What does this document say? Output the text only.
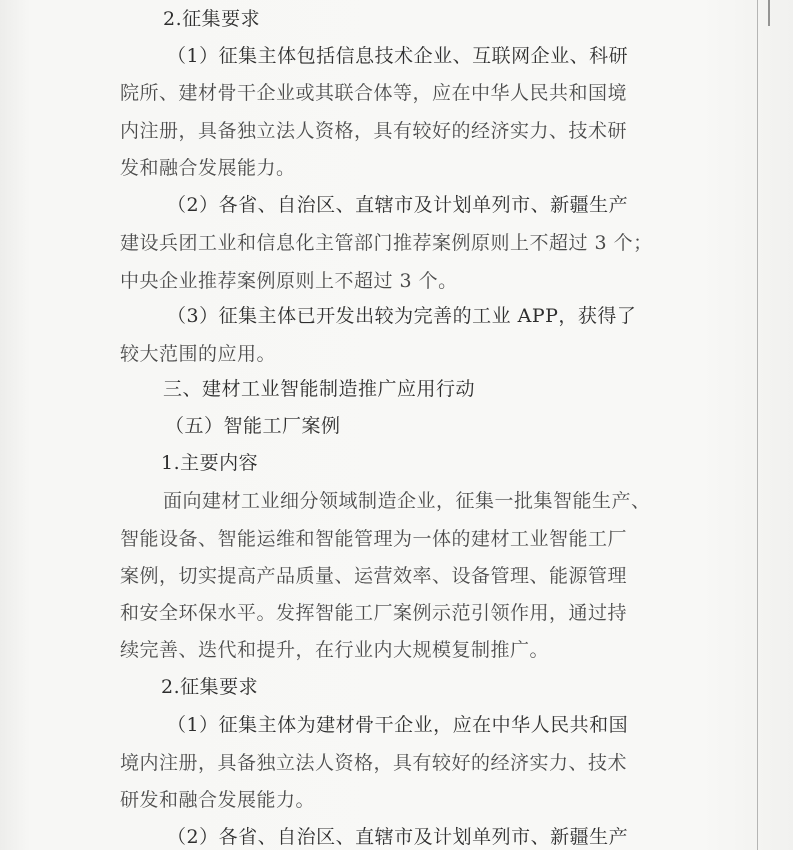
2.征集要求
（1）征集主体包括信息技术企业、互联网企业、科研
院所、建材骨干企业或其联合体等，应在中华人民共和国境
内注册，具备独立法人资格，具有较好的经济实力、技术研
发和融合发展能力。
（2）各省、自治区、直辖市及计划单列市、新疆生产
建设兵团工业和信息化主管部门推荐案例原则上不超过 3 个；
中央企业推荐案例原则上不超过 3 个。
（3）征集主体已开发出较为完善的工业 APP，获得了
较大范围的应用。
三、建材工业智能制造推广应用行动
（五）智能工厂案例
1.主要内容
面向建材工业细分领域制造企业，征集一批集智能生产、
智能设备、智能运维和智能管理为一体的建材工业智能工厂
案例，切实提高产品质量、运营效率、设备管理、能源管理
和安全环保水平。发挥智能工厂案例示范引领作用，通过持
续完善、迭代和提升，在行业内大规模复制推广。
2.征集要求
（1）征集主体为建材骨干企业，应在中华人民共和国
境内注册，具备独立法人资格，具有较好的经济实力、技术
研发和融合发展能力。
（2）各省、自治区、直辖市及计划单列市、新疆生产
